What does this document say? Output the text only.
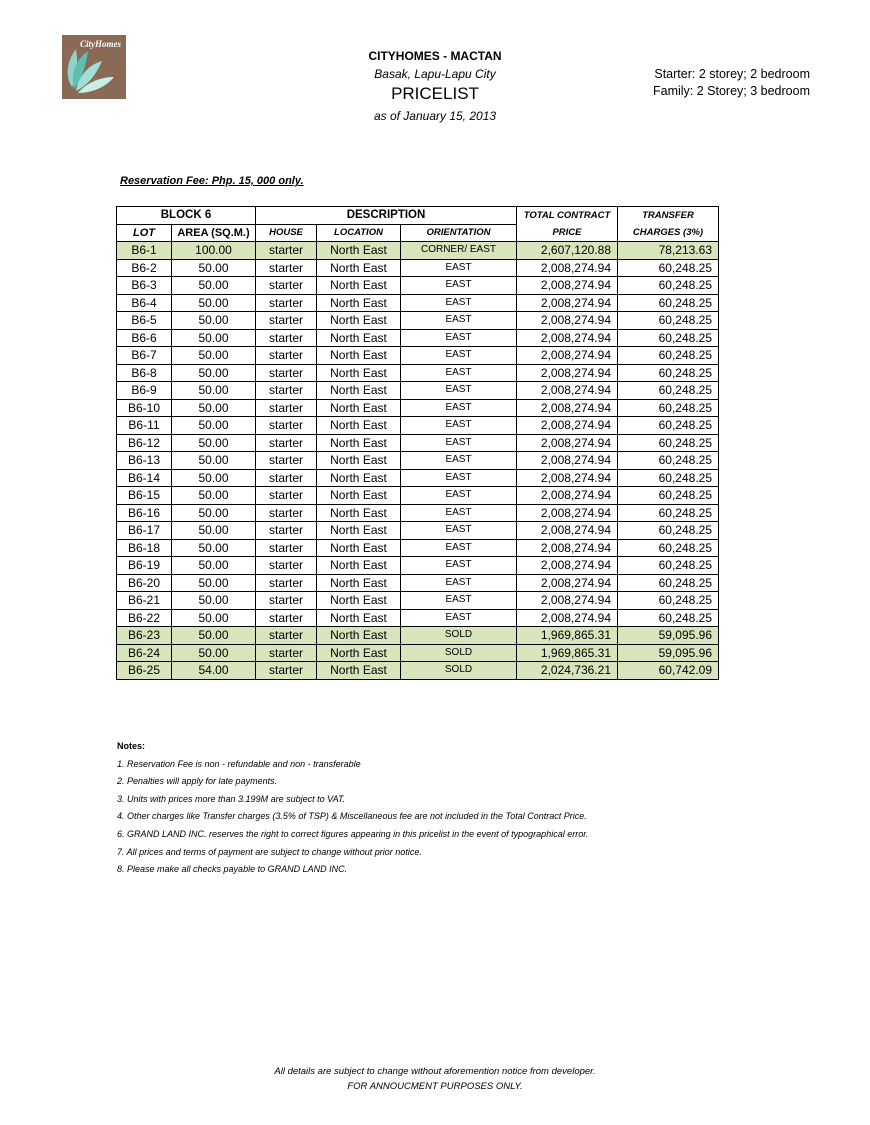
CityHomes
CITYHOMES - MACTAN
Basak, Lapu-Lapu City
PRICELIST
as of January 15, 2013
Starter: 2 storey; 2 bedroom
Family: 2 Storey; 3 bedroom
Reservation Fee: Php. 15, 000 only.
BLOCK 6		DESCRIPTION			TOTAL CONTRACT	TRANSFER
LOT	AREA (SQ.M.)	HOUSE	LOCATION	ORIENTATION	PRICE	CHARGES (3%)
B6-1	100.00	starter	North East	CORNER/ EAST	2,607,120.88	78,213.63
B6-2	50.00	starter	North East	EAST	2,008,274.94	60,248.25
B6-3	50.00	starter	North East	EAST	2,008,274.94	60,248.25
B6-4	50.00	starter	North East	EAST	2,008,274.94	60,248.25
B6-5	50.00	starter	North East	EAST	2,008,274.94	60,248.25
B6-6	50.00	starter	North East	EAST	2,008,274.94	60,248.25
B6-7	50.00	starter	North East	EAST	2,008,274.94	60,248.25
B6-8	50.00	starter	North East	EAST	2,008,274.94	60,248.25
B6-9	50.00	starter	North East	EAST	2,008,274.94	60,248.25
B6-10	50.00	starter	North East	EAST	2,008,274.94	60,248.25
B6-11	50.00	starter	North East	EAST	2,008,274.94	60,248.25
B6-12	50.00	starter	North East	EAST	2,008,274.94	60,248.25
B6-13	50.00	starter	North East	EAST	2,008,274.94	60,248.25
B6-14	50.00	starter	North East	EAST	2,008,274.94	60,248.25
B6-15	50.00	starter	North East	EAST	2,008,274.94	60,248.25
B6-16	50.00	starter	North East	EAST	2,008,274.94	60,248.25
B6-17	50.00	starter	North East	EAST	2,008,274.94	60,248.25
B6-18	50.00	starter	North East	EAST	2,008,274.94	60,248.25
B6-19	50.00	starter	North East	EAST	2,008,274.94	60,248.25
B6-20	50.00	starter	North East	EAST	2,008,274.94	60,248.25
B6-21	50.00	starter	North East	EAST	2,008,274.94	60,248.25
B6-22	50.00	starter	North East	EAST	2,008,274.94	60,248.25
B6-23	50.00	starter	North East	SOLD	1,969,865.31	59,095.96
B6-24	50.00	starter	North East	SOLD	1,969,865.31	59,095.96
B6-25	54.00	starter	North East	SOLD	2,024,736.21	60,742.09
Notes:
1. Reservation Fee is non - refundable and non - transferable
2. Penalties will apply for late payments.
3. Units with prices more than 3.199M are subject to VAT.
4. Other charges like Transfer charges (3.5% of TSP) & Miscellaneous fee are not included in the Total Contract Price.
6. GRAND LAND INC. reserves the right to correct figures appearing in this pricelist in the event of typographical error.
7. All prices and terms of payment are subject to change without prior notice.
8. Please make all checks payable to GRAND LAND INC.
All details are subject to change without aforemention notice from developer.
FOR ANNOUCMENT PURPOSES ONLY.
